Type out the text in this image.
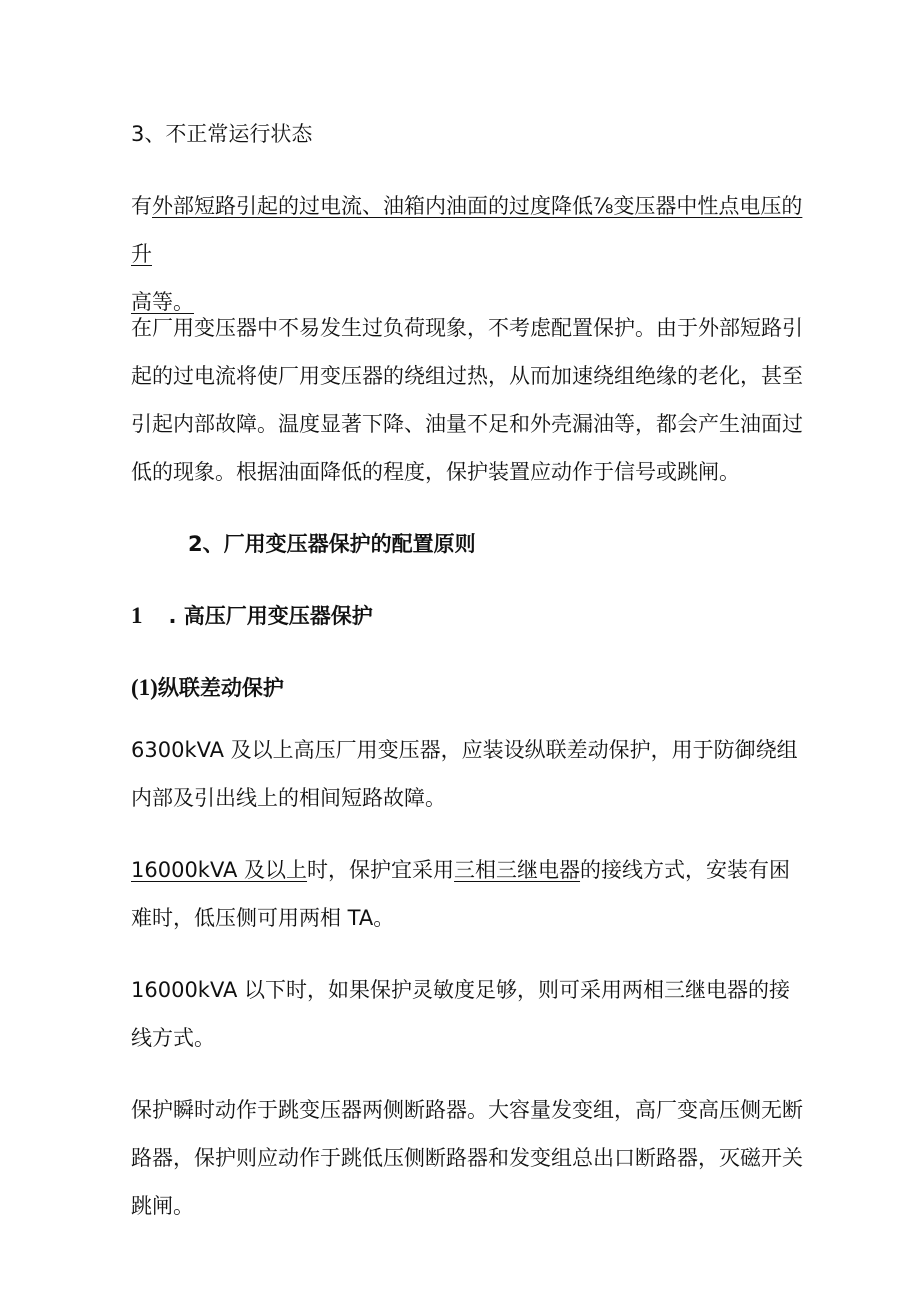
3、不正常运行状态

有外部短路引起的过电流、油箱内油面的过度降低⅞变压器中性点电压的升
高等。

在厂用变压器中不易发生过负荷现象，不考虑配置保护。由于外部短路引起的过电流将使厂用变压器的绕组过热，从而加速绕组绝缘的老化，甚至引起内部故障。温度显著下降、油量不足和外壳漏油等，都会产生油面过低的现象。根据油面降低的程度，保护装置应动作于信号或跳闸。

2、厂用变压器保护的配置原则

1 . 高压厂用变压器保护

(1)纵联差动保护

6300kVA 及以上高压厂用变压器，应装设纵联差动保护，用于防御绕组内部及引出线上的相间短路故障。

16000kVA 及以上时，保护宜采用三相三继电器的接线方式，安装有困难时，低压侧可用两相 TA。

16000kVA 以下时，如果保护灵敏度足够，则可采用两相三继电器的接线方式。

保护瞬时动作于跳变压器两侧断路器。大容量发变组，高厂变高压侧无断路器，保护则应动作于跳低压侧断路器和发变组总出口断路器，灭磁开关跳闸。
